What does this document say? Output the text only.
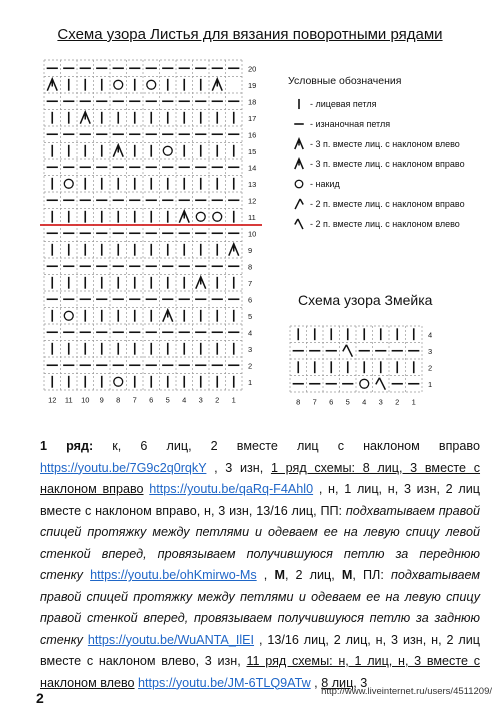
Схема узора Листья для вязания поворотными рядами
20
19
18
17
16
15
14
13
12
11
10
9
8
7
6
5
4
3
2
1
12 11 10 9 8 7 6 5 4 3 2 1
Условные обозначения
- лицевая петля
- изнаночная петля
- 3 п. вместе лиц. с наклоном влево
- 3 п. вместе лиц. с наклоном вправо
- накид
- 2 п. вместе лиц. с наклоном вправо
- 2 п. вместе лиц. с наклоном влево
Схема узора Змейка
4
3
2
1
8 7 6 5 4 3 2 1
1 ряд: к, 6 лиц, 2 вместе лиц с наклоном вправо https://youtu.be/7G9c2q0rqkY , 3 изн, 1 ряд схемы: 8 лиц, 3 вместе с наклоном вправо https://youtu.be/qaRq-F4Ahl0 , н, 1 лиц, н, 3 изн, 2 лиц вместе с наклоном вправо, н, 3 изн, 13/16 лиц, ПП: подхватываем правой спицей протяжку между петлями и одеваем ее на левую спицу левой стенкой вперед, провязываем получившуюся петлю за переднюю стенку https://youtu.be/ohKmirwo-Ms , М, 2 лиц, М, ПЛ: подхватываем правой спицей протяжку между петлями и одеваем ее на левую спицу правой стенкой вперед, провязываем получившуюся петлю за заднюю стенку https://youtu.be/WuANTA_IlEI , 13/16 лиц, 2 лиц, н, 3 изн, н, 2 лиц вместе с наклоном влево, 3 изн, 11 ряд схемы: н, 1 лиц, н, 3 вместе с наклоном влево https://youtu.be/JM-6TLQ9ATw , 8 лиц, 3
2	http://www.liveinternet.ru/users/4511209/
